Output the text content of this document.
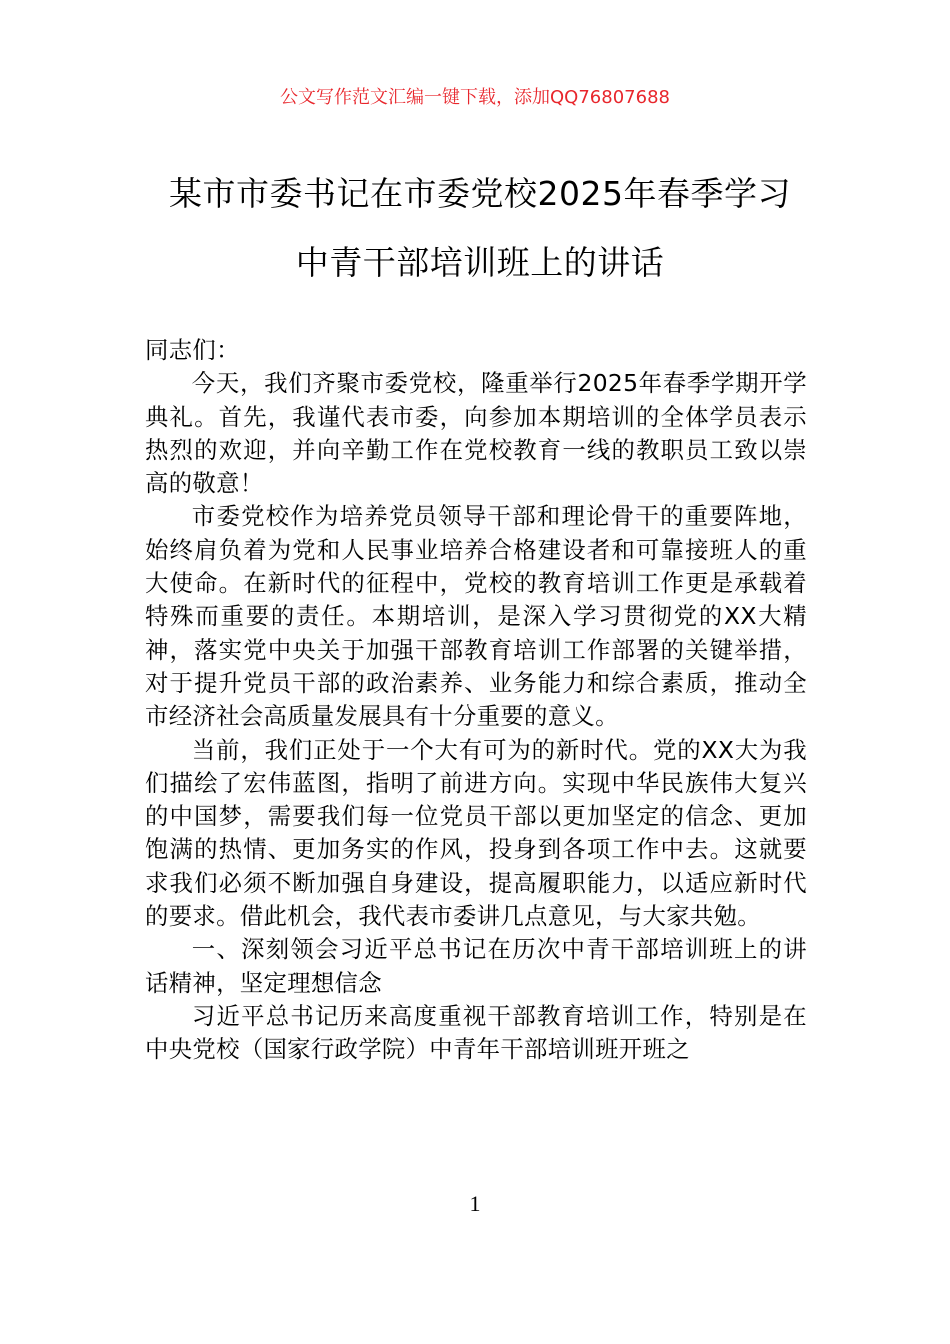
公文写作范文汇编一键下载，添加QQ76807688
某市市委书记在市委党校2025年春季学习
中青干部培训班上的讲话

同志们：

今天，我们齐聚市委党校，隆重举行2025年春季学期开学典礼。首先，我谨代表市委，向参加本期培训的全体学员表示热烈的欢迎，并向辛勤工作在党校教育一线的教职员工致以崇高的敬意！

市委党校作为培养党员领导干部和理论骨干的重要阵地，始终肩负着为党和人民事业培养合格建设者和可靠接班人的重大使命。在新时代的征程中，党校的教育培训工作更是承载着特殊而重要的责任。本期培训，是深入学习贯彻党的XX大精神，落实党中央关于加强干部教育培训工作部署的关键举措，对于提升党员干部的政治素养、业务能力和综合素质，推动全市经济社会高质量发展具有十分重要的意义。

当前，我们正处于一个大有可为的新时代。党的XX大为我们描绘了宏伟蓝图，指明了前进方向。实现中华民族伟大复兴的中国梦，需要我们每一位党员干部以更加坚定的信念、更加饱满的热情、更加务实的作风，投身到各项工作中去。这就要求我们必须不断加强自身建设，提高履职能力，以适应新时代的要求。借此机会，我代表市委讲几点意见，与大家共勉。

一、深刻领会习近平总书记在历次中青干部培训班上的讲话精神，坚定理想信念

习近平总书记历来高度重视干部教育培训工作，特别是在中央党校（国家行政学院）中青年干部培训班开班之

1
